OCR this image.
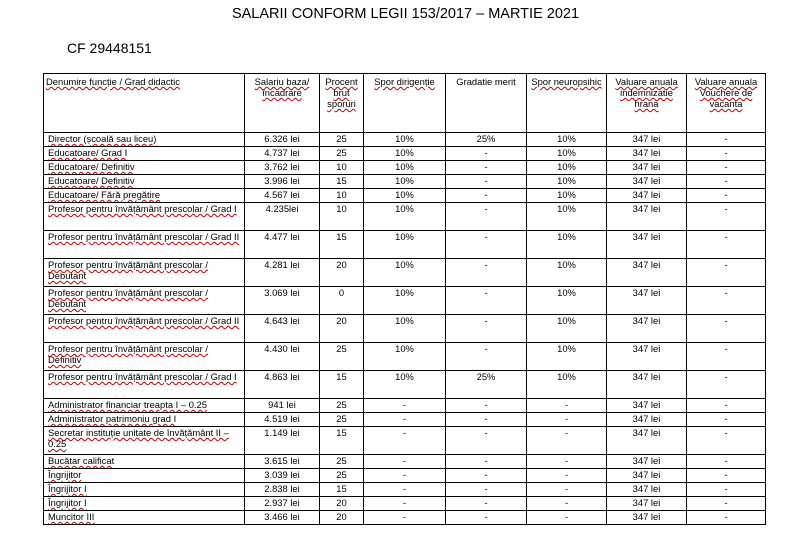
SALARII CONFORM LEGII 153/2017 – MARTIE 2021
CF 29448151
Denumire funcție / Grad didactic	Salariu baza/ încadrare	Procent brut sporuri	Spor dirigenție	Gradatie merit	Spor neuropsihic	Valuare anuala indemnizatie hrana	Valuare anuala Vouchere de vacanta
Director (școală sau liceu)	6.326 lei	25	10%	25%	10%	347 lei	-
Educatoare/ Grad I	4.737 lei	25	10%	-	10%	347 lei	-
Educatoare/ Definitiv	3.762 lei	10	10%	-	10%	347 lei	-
Educatoare/ Definitiv	3.996 lei	15	10%	-	10%	347 lei	-
Educatoare/ Fără pregătire	4.567 lei	10	10%	-	10%	347 lei	-
Profesor pentru învățământ prescolar / Grad I	4.235lei	10	10%	-	10%	347 lei	-
Profesor pentru învățământ prescolar / Grad II	4.477 lei	15	10%	-	10%	347 lei	-
Profesor pentru învățământ prescolar / Debutant	4.281 lei	20	10%	-	10%	347 lei	-
Profesor pentru învățământ prescolar / Debutant	3.069 lei	0	10%	-	10%	347 lei	-
Profesor pentru învățământ prescolar / Grad II	4.643 lei	20	10%	-	10%	347 lei	-
Profesor pentru învățământ prescolar / Definitiv	4.430 lei	25	10%	-	10%	347 lei	-
Profesor pentru învățământ prescolar / Grad I	4.863 lei	15	10%	25%	10%	347 lei	-
Administrator financiar treapta I – 0.25	941 lei	25	-	-	-	347 lei	-
Administrator patrimoniu grad I	4.519 lei	25	-	-	-	347 lei	-
Secretar instituție unitate de învățământ II – 0.25	1.149 lei	15	-	-	-	347 lei	-
Bucătar calificat	3.615 lei	25	-	-	-	347 lei	-
Îngrijitor	3.039 lei	25	-	-	-	347 lei	-
Îngrijitor I	2.838 lei	15	-	-	-	347 lei	-
Îngrijitor I	2.937 lei	20	-	-	-	347 lei	-
Muncitor III	3.466 lei	20	-	-	-	347 lei	-
